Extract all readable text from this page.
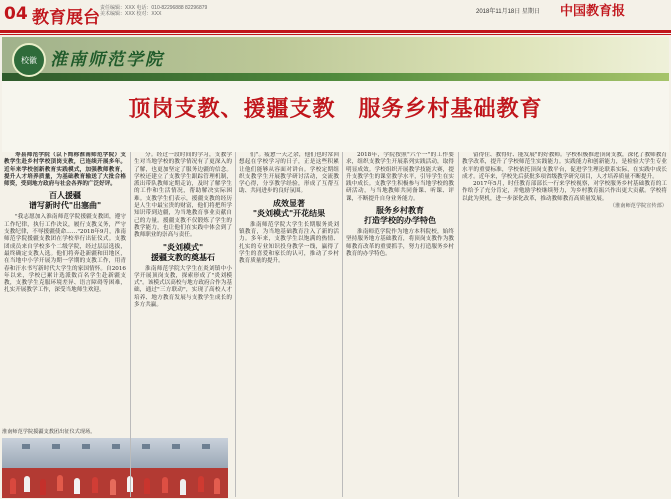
04 教育展台 责任编辑：XXX 电话：010-82296888 82296879
美术编辑：XXX 校对：XXX	2018年11月18日 星期日 中国教育报
校徽 淮南师范学院
顶岗支教、援疆支教　服务乡村基础教育

寿县师范学院（以下简称淮南师范学院）支教学生赴乡村学校顶岗支教，已连续开展多年。近年来学校创新教育实践模式，加强教师教育，提升人才培养质量，为基础教育输送了大批合格师资，受到地方政府与社会各界的广泛好评。

百人援疆
谱写新时代"出塞曲"

"我志愿加入淮南师范学院援疆支教团，遵守工作纪律，执行工作决议，履行支教义务，严守支教纪律，不辱援疆使命……"2018年9月，淮南师范学院援疆支教团在学校举行出征仪式。支教团成员来自学校多个二级学院，经过层层选拔，最终确定支教人选。他们将奔赴新疆和田地区，在当地中小学开展为期一学期的支教工作，用青春和汗水书写新时代大学生的家国情怀。自2016年以来，学校已累计选派数百名学生赴新疆支教，支教学生克服环境差异、语言障碍等困难，扎实开展教学工作，深受当地师生欢迎。

淮南师范学院援疆支教团出征仪式现场。

分。经过一段时间的学习，支教学生对当地学校的教学情况有了更深入的了解，也更加坚定了服务边疆的信念。学校还建立了支教学生跟踪管理机制，派出带队教师定期走访，及时了解学生的工作和生活情况，帮助解决实际困难。支教学生们表示，援疆支教的经历是人生中最宝贵的财富，他们将把所学知识带到边疆，为当地教育事业贡献自己的力量。援疆支教不仅锻炼了学生的教学能力，也让他们在实践中体会到了教师职业的崇高与责任。

"炎刘模式"
援疆支教的奠基石

淮南师范学院大学生在炎刘镇中小学开展顶岗支教，探索形成了"炎刘模式"。该模式以高校与地方政府合作为基础，通过"三方联动"，实现了高校人才培养、地方教育发展与支教学生成长的多方共赢。

们"。疲惫一天之余，他们也时常回想起在学校学习的日子，正是这些积累让他们能够从容面对讲台。学校定期组织支教学生开展教学研讨活动，交流教学心得，分享教学经验，形成了互帮互助、共同进步的良好氛围。

成效显著
"炎刘模式"开花结果

淮南师范学院大学生长期服务炎刘镇教育，为当地基础教育注入了新的活力。多年来，支教学生以饱满的热情、扎实的专业知识投身教学一线，赢得了学生的喜爱和家长的认可，推动了乡村教育质量的提升。

2018年，学院按照"六个一"的工作要求，组织支教学生开展系列实践活动，取得明显成效。学校组织开展教学技能大赛，提升支教学生的课堂教学水平，引导学生在实践中成长。支教学生积极参与当地学校的教研活动，与当地教师共同备课、听课、评课，不断提升自身业务能力。

服务乡村教育
打造学校的办学特色

淮南师范学院作为地方本科院校，始终坚持服务地方基础教育，将顶岗支教作为教师教育改革的重要抓手，努力打造服务乡村教育的办学特色。

留得住、教得好、能发展"的好教师。学校积极推进顶岗支教，深化了教师教育教学改革，提升了学校师范生实践能力。实践能力和创新能力，是检验大学生专业水平的重要标准，学校依托顶岗支教平台，促进学生理论联系实际，在实践中成长成才。近年来，学校先后获批多项省级教学研究项目，人才培养质量不断提升。

2017年5月，时任教育部部长一行来学校视察，对学校服务乡村基础教育的工作给予了充分肯定，并勉励学校继续努力，为乡村教育振兴作出更大贡献。学校将以此为契机，进一步深化改革，推动教师教育高质量发展。

（淮南师范学院宣传部）
